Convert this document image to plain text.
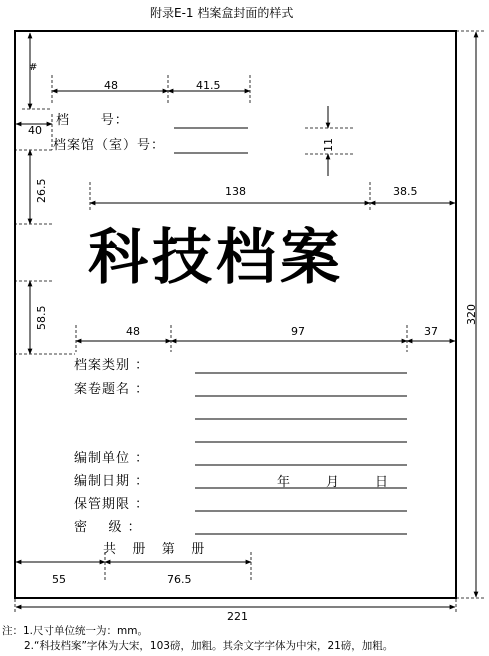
附录E-1 档案盒封面的样式
#
48	41.5
40
11
26.5	138	38.5
58.5
48	97	37
320
55	76.5
221
档      号：
档案馆（室）号：
科技档案
档案类别 ：
案卷题名 ：
编制单位 ：
编制日期 ：
保管期限 ：
密    级 ：
年	月	日
共   册   第   册
注：1.尺寸单位统一为：mm。
2.“科技档案”字体为大宋，103磅，加粗。其余文字字体为中宋，21磅，加粗。
